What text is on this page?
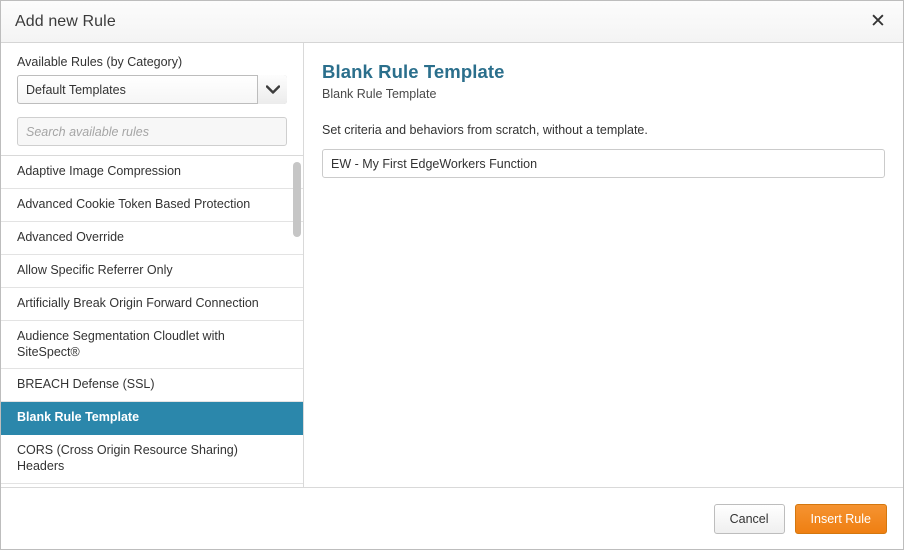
Add new Rule	✕
Available Rules (by Category)
Default Templates
Search available rules
Adaptive Image Compression
Advanced Cookie Token Based Protection
Advanced Override
Allow Specific Referrer Only
Artificially Break Origin Forward Connection
Audience Segmentation Cloudlet with SiteSpect®
BREACH Defense (SSL)
Blank Rule Template
CORS (Cross Origin Resource Sharing) Headers
Blank Rule Template
Blank Rule Template
Set criteria and behaviors from scratch, without a template.
EW - My First EdgeWorkers Function
Cancel	Insert Rule
